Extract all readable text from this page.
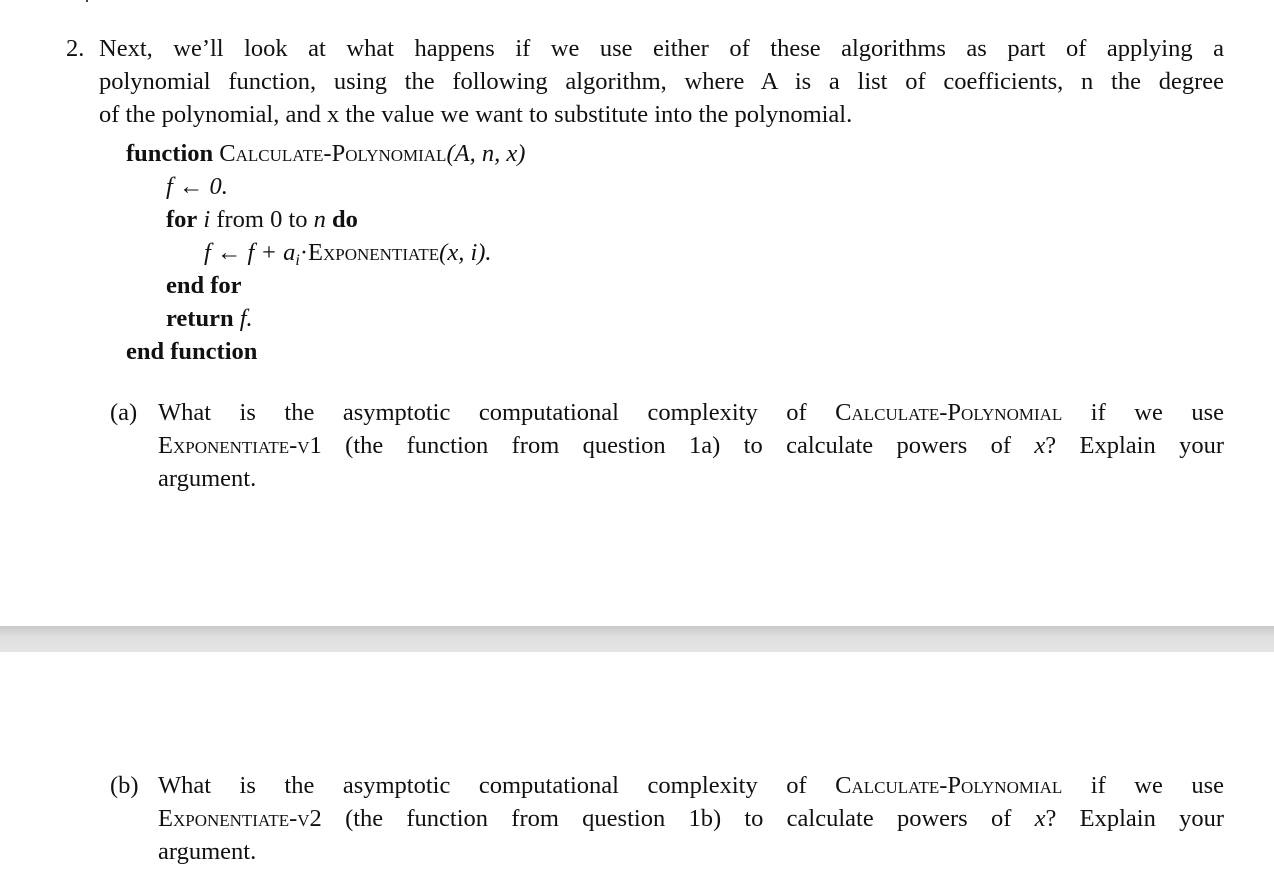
2. Next, we’ll look at what happens if we use either of these algorithms as part of applying a
polynomial function, using the following algorithm, where A is a list of coefficients, n the degree
of the polynomial, and x the value we want to substitute into the polynomial.
function Calculate-Polynomial(A, n, x)
f ← 0.
for i from 0 to n do
f ← $f + a_i\cdot Exponentiate(x$, i).
end for
return f.
end function
(a) What is the asymptotic computational complexity of Calculate-Polynomial if we use
Exponentiate-v1 (the function from question 1a) to calculate powers of x? Explain your
argument.
(b) What is the asymptotic computational complexity of Calculate-Polynomial if we use
Exponentiate-v2 (the function from question 1b) to calculate powers of x? Explain your
argument.
